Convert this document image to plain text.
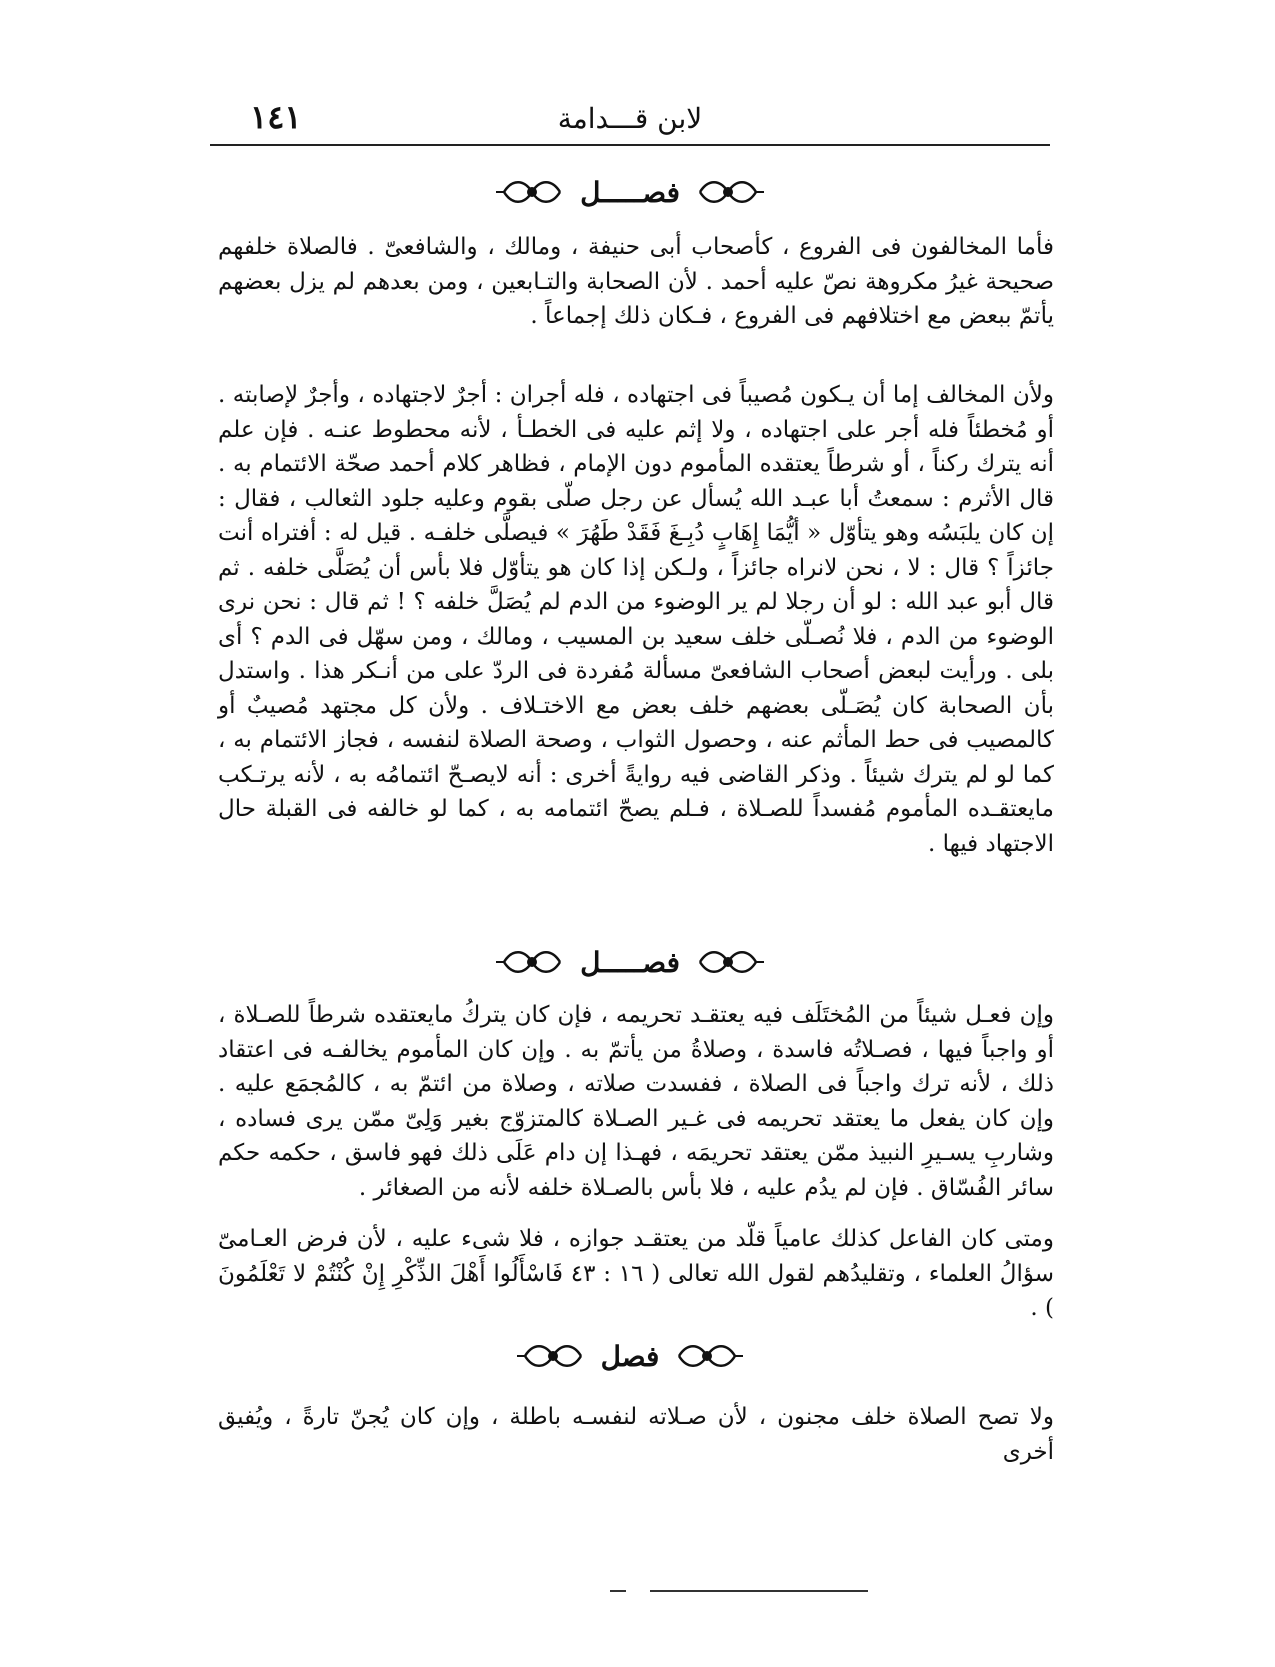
لابن قـــدامة
١٤١
فصـــــل

فأما المخالفون فى الفروع ، كأصحاب أبى حنيفة ، ومالك ، والشافعىّ . فالصلاة خلفهم صحيحة غيرُ مكروهة نصّ عليه أحمد . لأن الصحابة والتـابعين ، ومن بعدهم لم يزل بعضهم يأتمّ ببعض مع اختلافهم فى الفروع ، فـكان ذلك إجماعاً .

ولأن المخالف إما أن يـكون مُصيباً فى اجتهاده ، فله أجران : أجرٌ لاجتهاده ، وأجرٌ لإصابته . أو مُخطئاً فله أجر على اجتهاده ، ولا إثم عليه فى الخطـأ ، لأنه محطوط عنـه . فإن علم أنه يترك ركناً ، أو شرطاً يعتقده المأموم دون الإمام ، فظاهر كلام أحمد صحّة الائتمام به . قال الأثرم : سمعتُ أبا عبـد الله يُسأل عن رجل صلّى بقوم وعليه جلود الثعالب ، فقال : إن كان يلبَسُه وهو يتأوّل « أيُّمَا إِهَابٍ دُبِـغَ فَقَدْ طَهُرَ » فيصلَّى خلفـه . قيل له : أفتراه أنت جائزاً ؟ قال : لا ، نحن لانراه جائزاً ، ولـكن إذا كان هو يتأوّل فلا بأس أن يُصَلَّى خلفه . ثم قال أبو عبد الله : لو أن رجلا لم ير الوضوء من الدم لم يُصَلَّ خلفه ؟ ! ثم قال : نحن نرى الوضوء من الدم ، فلا نُصـلّى خلف سعيد بن المسيب ، ومالك ، ومن سهّل فى الدم ؟ أى بلى . ورأيت لبعض أصحاب الشافعىّ مسألة مُفردة فى الردّ على من أنـكر هذا . واستدل بأن الصحابة كان يُصَـلّى بعضهم خلف بعض مع الاختـلاف . ولأن كل مجتهد مُصيبٌ أو كالمصيب فى حط المأثم عنه ، وحصول الثواب ، وصحة الصلاة لنفسه ، فجاز الائتمام به ، كما لو لم يترك شيئاً . وذكر القاضى فيه روايةً أخرى : أنه لايصـحّ ائتمامُه به ، لأنه يرتـكب مايعتقـده المأموم مُفسداً للصـلاة ، فـلم يصحّ ائتمامه به ، كما لو خالفه فى القبلة حال الاجتهاد فيها .

فصـــــل

وإن فعـل شيئاً من المُختَلَف فيه يعتقـد تحريمه ، فإن كان يتركُ مايعتقده شرطاً للصـلاة ، أو واجباً فيها ، فصـلاتُه فاسدة ، وصلاةُ من يأتمّ به . وإن كان المأموم يخالفـه فى اعتقاد ذلك ، لأنه ترك واجباً فى الصلاة ، ففسدت صلاته ، وصلاة من ائتمّ به ، كالمُجمَع عليه . وإن كان يفعل ما يعتقد تحريمه فى غـير الصـلاة كالمتزوّج بغير وَلِىّ ممّن يرى فساده ، وشاربِ يسـيرِ النبيذ ممّن يعتقد تحريمَه ، فهـذا إن دام عَلَى ذلك فهو فاسق ، حكمه حكم سائر الفُسّاق . فإن لم يدُم عليه ، فلا بأس بالصـلاة خلفه لأنه من الصغائر .

ومتى كان الفاعل كذلك عامياً قلّد من يعتقـد جوازه ، فلا شىء عليه ، لأن فرض العـامىّ سؤالُ العلماء ، وتقليدُهم لقول الله تعالى ( ١٦ : ٤٣ فَاسْأَلُوا أَهْلَ الذِّكْرِ إِنْ كُنْتُمْ لا تَعْلَمُونَ ) .

فصل

ولا تصح الصلاة خلف مجنون ، لأن صـلاته لنفسـه باطلة ، وإن كان يُجنّ تارةً ، ويُفيق أخرى
